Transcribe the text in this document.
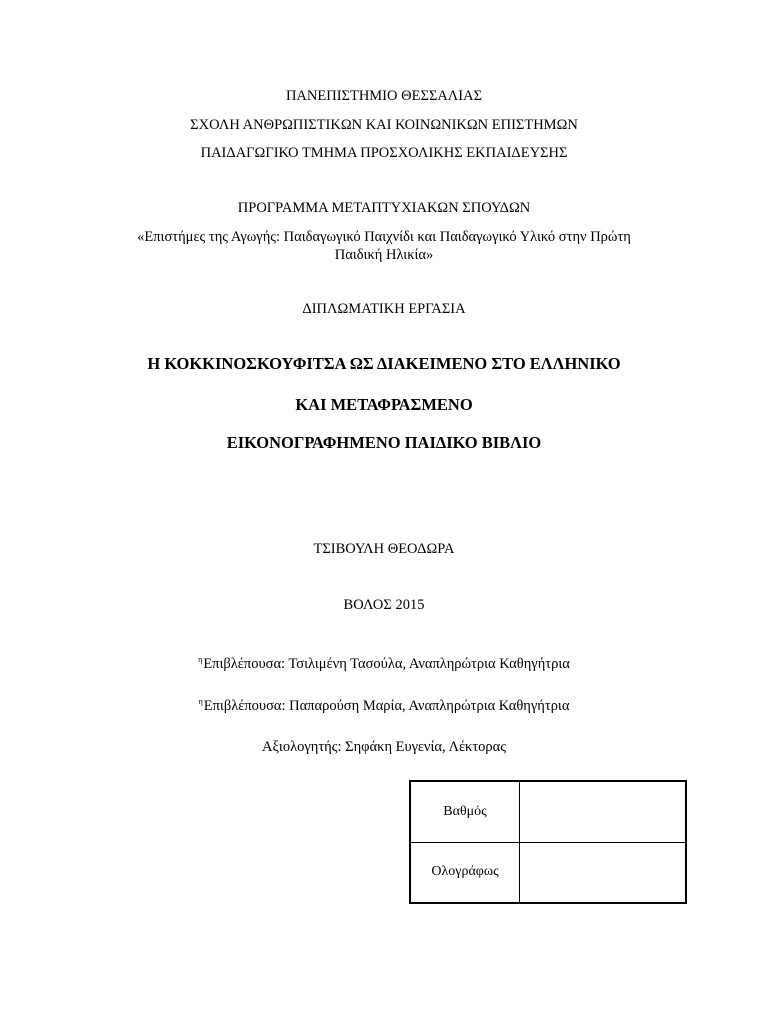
ΠΑΝΕΠΙΣΤΗΜΙΟ ΘΕΣΣΑΛΙΑΣ
ΣΧΟΛΗ ΑΝΘΡΩΠΙΣΤΙΚΩΝ ΚΑΙ ΚΟΙΝΩΝΙΚΩΝ ΕΠΙΣΤΗΜΩΝ
ΠΑΙΔΑΓΩΓΙΚΟ ΤΜΗΜΑ ΠΡΟΣΧΟΛΙΚΗΣ ΕΚΠΑΙΔΕΥΣΗΣ
ΠΡΟΓΡΑΜΜΑ ΜΕΤΑΠΤΥΧΙΑΚΩΝ ΣΠΟΥΔΩΝ
«Επιστήμες της Αγωγής: Παιδαγωγικό Παιχνίδι και Παιδαγωγικό Υλικό στην Πρώτη
Παιδική Ηλικία»
ΔΙΠΛΩΜΑΤΙΚΗ ΕΡΓΑΣΙΑ
Η ΚΟΚΚΙΝΟΣΚΟΥΦΙΤΣΑ ΩΣ ΔΙΑΚΕΙΜΕΝΟ ΣΤΟ ΕΛΛΗΝΙΚΟ
ΚΑΙ ΜΕΤΑΦΡΑΣΜΕΝΟ
ΕΙΚΟΝΟΓΡΑΦΗΜΕΝΟ ΠΑΙΔΙΚΟ ΒΙΒΛΙΟ
ΤΣΙΒΟΥΛΗ ΘΕΟΔΩΡΑ
ΒΟΛΟΣ 2015
$^\eta$Επιβλέπουσα: Τσιλιμένη Τασούλα, Αναπληρώτρια Καθηγήτρια
$^\eta$Επιβλέπουσα: Παπαρούση Μαρία, Αναπληρώτρια Καθηγήτρια
Αξιολογητής: Σηφάκη Ευγενία, Λέκτορας
Βαθμός	
Ολογράφως	
